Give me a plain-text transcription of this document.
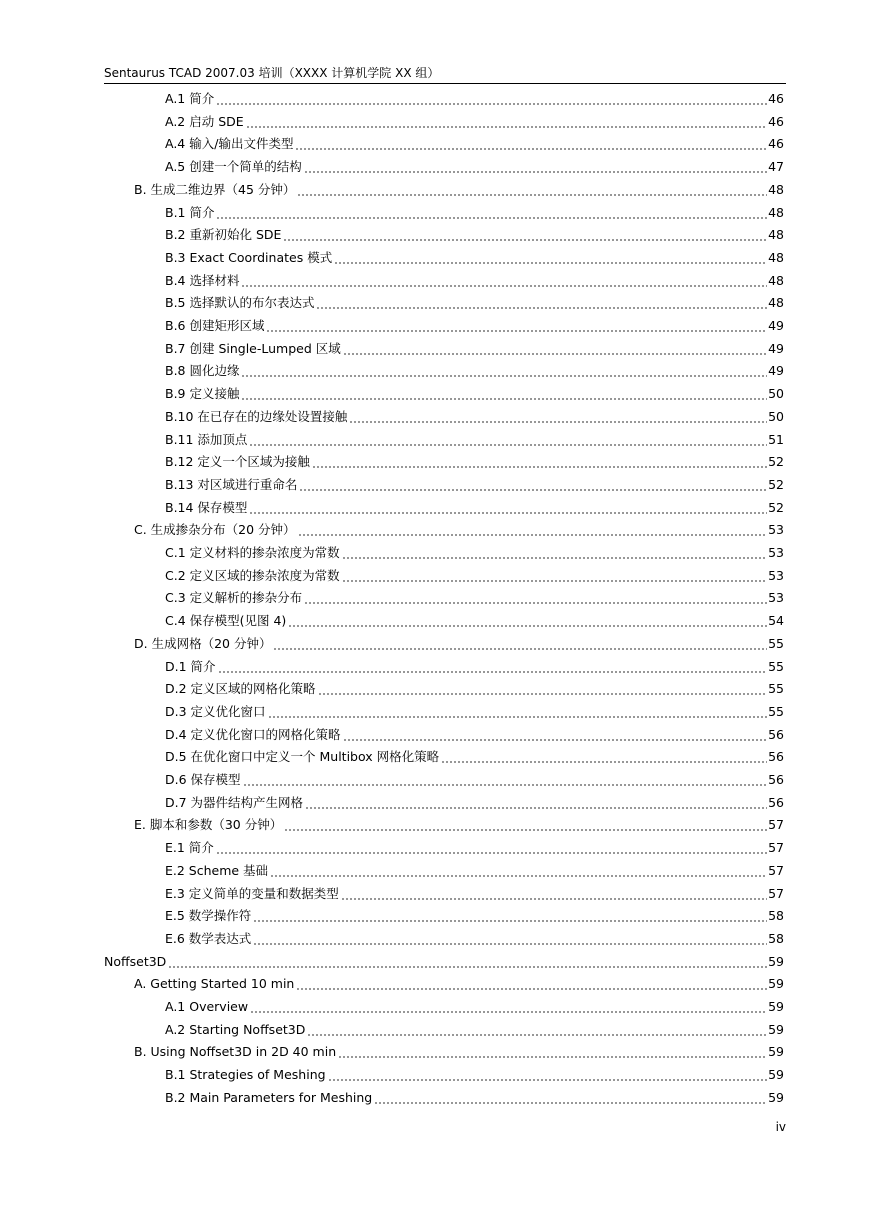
Sentaurus TCAD 2007.03 培训（XXXX 计算机学院 XX 组）
A.1 简介	46
A.2 启动 SDE	46
A.4 输入/输出文件类型	46
A.5 创建一个简单的结构	47
B. 生成二维边界（45 分钟）	48
B.1 简介	48
B.2 重新初始化 SDE	48
B.3 Exact Coordinates 模式	48
B.4 选择材料	48
B.5 选择默认的布尔表达式	48
B.6 创建矩形区域	49
B.7 创建 Single-Lumped 区域	49
B.8 圆化边缘	49
B.9 定义接触	50
B.10 在已存在的边缘处设置接触	50
B.11 添加顶点	51
B.12 定义一个区域为接触	52
B.13 对区域进行重命名	52
B.14 保存模型	52
C. 生成掺杂分布（20 分钟）	53
C.1 定义材料的掺杂浓度为常数	53
C.2 定义区域的掺杂浓度为常数	53
C.3 定义解析的掺杂分布	53
C.4 保存模型(见图 4)	54
D. 生成网格（20 分钟）	55
D.1 简介	55
D.2 定义区域的网格化策略	55
D.3 定义优化窗口	55
D.4 定义优化窗口的网格化策略	56
D.5 在优化窗口中定义一个 Multibox 网格化策略	56
D.6 保存模型	56
D.7 为器件结构产生网格	56
E. 脚本和参数（30 分钟）	57
E.1 简介	57
E.2 Scheme 基础	57
E.3 定义简单的变量和数据类型	57
E.5 数学操作符	58
E.6 数学表达式	58
Noffset3D	59
A. Getting Started 10 min	59
A.1 Overview	59
A.2 Starting Noffset3D	59
B. Using Noffset3D in 2D 40 min	59
B.1 Strategies of Meshing	59
B.2 Main Parameters for Meshing	59
iv
